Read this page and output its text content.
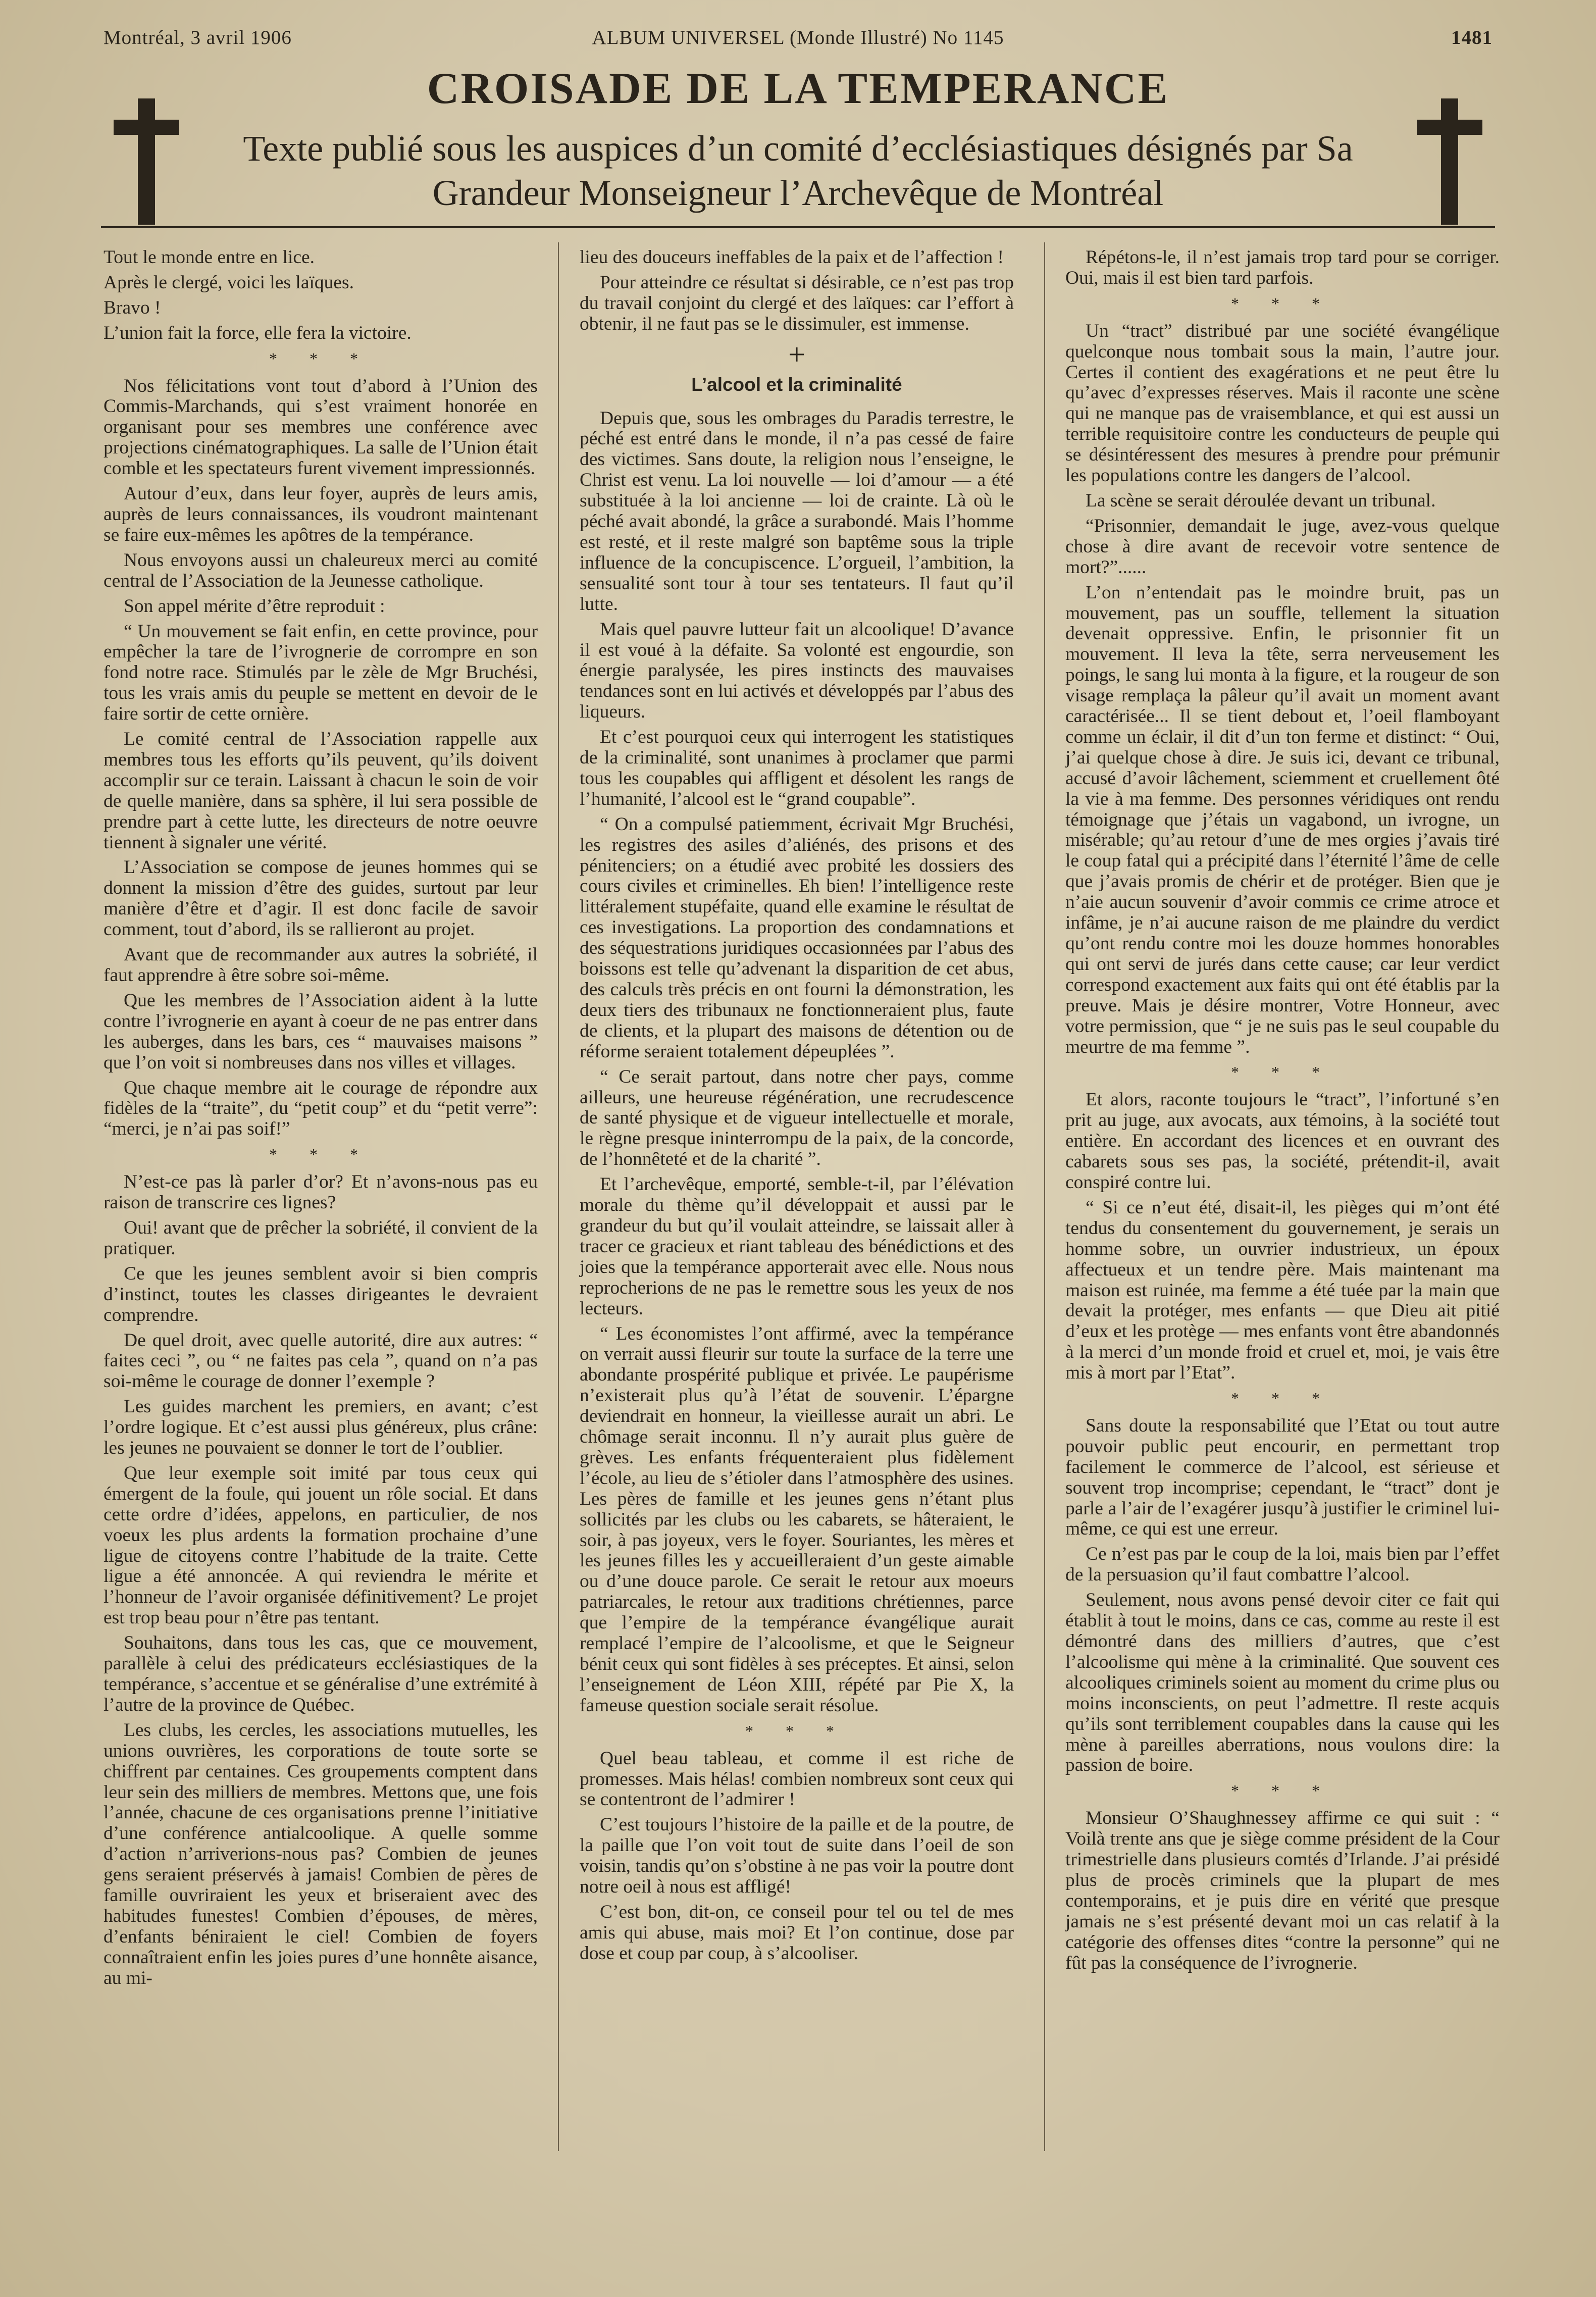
Montréal, 3 avril 1906	ALBUM UNIVERSEL (Monde Illustré) No 1145	1481
CROISADE DE LA TEMPERANCE
Texte publié sous les auspices d’un comité d’ecclésiastiques désignés par Sa Grandeur Monseigneur l’Archevêque de Montréal

Tout le monde entre en lice.

Après le clergé, voici les laïques.

Bravo !

L’union fait la force, elle fera la victoire.

* * *

Nos félicitations vont tout d’abord à l’Union des Commis-Marchands, qui s’est vraiment honorée en organisant pour ses membres une conférence avec projections cinématographiques. La salle de l’Union était comble et les spectateurs furent vivement impressionnés.

Autour d’eux, dans leur foyer, auprès de leurs amis, auprès de leurs connaissances, ils voudront maintenant se faire eux-mêmes les apôtres de la tempérance.

Nous envoyons aussi un chaleureux merci au comité central de l’Association de la Jeunesse catholique.

Son appel mérite d’être reproduit :

“ Un mouvement se fait enfin, en cette province, pour empêcher la tare de l’ivrognerie de corrompre en son fond notre race. Stimulés par le zèle de Mgr Bruchési, tous les vrais amis du peuple se mettent en devoir de le faire sortir de cette ornière.

Le comité central de l’Association rappelle aux membres tous les efforts qu’ils peuvent, qu’ils doivent accomplir sur ce terain. Laissant à chacun le soin de voir de quelle manière, dans sa sphère, il lui sera possible de prendre part à cette lutte, les directeurs de notre oeuvre tiennent à signaler une vérité.

L’Association se compose de jeunes hommes qui se donnent la mission d’être des guides, surtout par leur manière d’être et d’agir. Il est donc facile de savoir comment, tout d’abord, ils se rallieront au projet.

Avant que de recommander aux autres la sobriété, il faut apprendre à être sobre soi-même.

Que les membres de l’Association aident à la lutte contre l’ivrognerie en ayant à coeur de ne pas entrer dans les auberges, dans les bars, ces “ mauvaises maisons ” que l’on voit si nombreuses dans nos villes et villages.

Que chaque membre ait le courage de répondre aux fidèles de la “traite”, du “petit coup” et du “petit verre”: “merci, je n’ai pas soif!”

* * *

N’est-ce pas là parler d’or? Et n’avons-nous pas eu raison de transcrire ces lignes?

Oui! avant que de prêcher la sobriété, il convient de la pratiquer.

Ce que les jeunes semblent avoir si bien compris d’instinct, toutes les classes dirigeantes le devraient comprendre.

De quel droit, avec quelle autorité, dire aux autres: “ faites ceci ”, ou “ ne faites pas cela ”, quand on n’a pas soi-même le courage de donner l’exemple ?

Les guides marchent les premiers, en avant; c’est l’ordre logique. Et c’est aussi plus généreux, plus crâne: les jeunes ne pouvaient se donner le tort de l’oublier.

Que leur exemple soit imité par tous ceux qui émergent de la foule, qui jouent un rôle social. Et dans cette ordre d’idées, appelons, en particulier, de nos voeux les plus ardents la formation prochaine d’une ligue de citoyens contre l’habitude de la traite. Cette ligue a été annoncée. A qui reviendra le mérite et l’honneur de l’avoir organisée définitivement? Le projet est trop beau pour n’être pas tentant.

Souhaitons, dans tous les cas, que ce mouvement, parallèle à celui des prédicateurs ecclésiastiques de la tempérance, s’accentue et se généralise d’une extrémité à l’autre de la province de Québec.

Les clubs, les cercles, les associations mutuelles, les unions ouvrières, les corporations de toute sorte se chiffrent par centaines. Ces groupements comptent dans leur sein des milliers de membres. Mettons que, une fois l’année, chacune de ces organisations prenne l’initiative d’une conférence antialcoolique. A quelle somme d’action n’arriverions-nous pas? Combien de jeunes gens seraient préservés à jamais! Combien de pères de famille ouvriraient les yeux et briseraient avec des habitudes funestes! Combien d’épouses, de mères, d’enfants béniraient le ciel! Combien de foyers connaîtraient enfin les joies pures d’une honnête aisance, au mi-

lieu des douceurs ineffables de la paix et de l’affection !

Pour atteindre ce résultat si désirable, ce n’est pas trop du travail conjoint du clergé et des laïques: car l’effort à obtenir, il ne faut pas se le dissimuler, est immense.

+
L’alcool et la criminalité

Depuis que, sous les ombrages du Paradis terrestre, le péché est entré dans le monde, il n’a pas cessé de faire des victimes. Sans doute, la religion nous l’enseigne, le Christ est venu. La loi nouvelle — loi d’amour — a été substituée à la loi ancienne — loi de crainte. Là où le péché avait abondé, la grâce a surabondé. Mais l’homme est resté, et il reste malgré son baptême sous la triple influence de la concupiscence. L’orgueil, l’ambition, la sensualité sont tour à tour ses tentateurs. Il faut qu’il lutte.

Mais quel pauvre lutteur fait un alcoolique! D’avance il est voué à la défaite. Sa volonté est engourdie, son énergie paralysée, les pires instincts des mauvaises tendances sont en lui activés et développés par l’abus des liqueurs.

Et c’est pourquoi ceux qui interrogent les statistiques de la criminalité, sont unanimes à proclamer que parmi tous les coupables qui affligent et désolent les rangs de l’humanité, l’alcool est le “grand coupable”.

“ On a compulsé patiemment, écrivait Mgr Bruchési, les registres des asiles d’aliénés, des prisons et des pénitenciers; on a étudié avec probité les dossiers des cours civiles et criminelles. Eh bien! l’intelligence reste littéralement stupéfaite, quand elle examine le résultat de ces investigations. La proportion des condamnations et des séquestrations juridiques occasionnées par l’abus des boissons est telle qu’advenant la disparition de cet abus, des calculs très précis en ont fourni la démonstration, les deux tiers des tribunaux ne fonctionneraient plus, faute de clients, et la plupart des maisons de détention ou de réforme seraient totalement dépeuplées ”.

“ Ce serait partout, dans notre cher pays, comme ailleurs, une heureuse régénération, une recrudescence de santé physique et de vigueur intellectuelle et morale, le règne presque ininterrompu de la paix, de la concorde, de l’honnêteté et de la charité ”.

Et l’archevêque, emporté, semble-t-il, par l’élévation morale du thème qu’il développait et aussi par le grandeur du but qu’il voulait atteindre, se laissait aller à tracer ce gracieux et riant tableau des bénédictions et des joies que la tempérance apporterait avec elle. Nous nous reprocherions de ne pas le remettre sous les yeux de nos lecteurs.

“ Les économistes l’ont affirmé, avec la tempérance on verrait aussi fleurir sur toute la surface de la terre une abondante prospérité publique et privée. Le paupérisme n’existerait plus qu’à l’état de souvenir. L’épargne deviendrait en honneur, la vieillesse aurait un abri. Le chômage serait inconnu. Il n’y aurait plus guère de grèves. Les enfants fréquenteraient plus fidèlement l’école, au lieu de s’étioler dans l’atmosphère des usines. Les pères de famille et les jeunes gens n’étant plus sollicités par les clubs ou les cabarets, se hâteraient, le soir, à pas joyeux, vers le foyer. Souriantes, les mères et les jeunes filles les y accueilleraient d’un geste aimable ou d’une douce parole. Ce serait le retour aux moeurs patriarcales, le retour aux traditions chrétiennes, parce que l’empire de la tempérance évangélique aurait remplacé l’empire de l’alcoolisme, et que le Seigneur bénit ceux qui sont fidèles à ses préceptes. Et ainsi, selon l’enseignement de Léon XIII, répété par Pie X, la fameuse question sociale serait résolue.

* * *

Quel beau tableau, et comme il est riche de promesses. Mais hélas! combien nombreux sont ceux qui se contentront de l’admirer !

C’est toujours l’histoire de la paille et de la poutre, de la paille que l’on voit tout de suite dans l’oeil de son voisin, tandis qu’on s’obstine à ne pas voir la poutre dont notre oeil à nous est affligé!

C’est bon, dit-on, ce conseil pour tel ou tel de mes amis qui abuse, mais moi? Et l’on continue, dose par dose et coup par coup, à s’alcooliser.

Répétons-le, il n’est jamais trop tard pour se corriger. Oui, mais il est bien tard parfois.

* * *

Un “tract” distribué par une société évangélique quelconque nous tombait sous la main, l’autre jour. Certes il contient des exagérations et ne peut être lu qu’avec d’expresses réserves. Mais il raconte une scène qui ne manque pas de vraisemblance, et qui est aussi un terrible requisitoire contre les conducteurs de peuple qui se désintéressent des mesures à prendre pour prémunir les populations contre les dangers de l’alcool.

La scène se serait déroulée devant un tribunal.

“Prisonnier, demandait le juge, avez-vous quelque chose à dire avant de recevoir votre sentence de mort?”......

L’on n’entendait pas le moindre bruit, pas un mouvement, pas un souffle, tellement la situation devenait oppressive. Enfin, le prisonnier fit un mouvement. Il leva la tête, serra nerveusement les poings, le sang lui monta à la figure, et la rougeur de son visage remplaça la pâleur qu’il avait un moment avant caractérisée... Il se tient debout et, l’oeil flamboyant comme un éclair, il dit d’un ton ferme et distinct: “ Oui, j’ai quelque chose à dire. Je suis ici, devant ce tribunal, accusé d’avoir lâchement, sciemment et cruellement ôté la vie à ma femme. Des personnes véridiques ont rendu témoignage que j’étais un vagabond, un ivrogne, un misérable; qu’au retour d’une de mes orgies j’avais tiré le coup fatal qui a précipité dans l’éternité l’âme de celle que j’avais promis de chérir et de protéger. Bien que je n’aie aucun souvenir d’avoir commis ce crime atroce et infâme, je n’ai aucune raison de me plaindre du verdict qu’ont rendu contre moi les douze hommes honorables qui ont servi de jurés dans cette cause; car leur verdict correspond exactement aux faits qui ont été établis par la preuve. Mais je désire montrer, Votre Honneur, avec votre permission, que “ je ne suis pas le seul coupable du meurtre de ma femme ”.

* * *

Et alors, raconte toujours le “tract”, l’infortuné s’en prit au juge, aux avocats, aux témoins, à la société tout entière. En accordant des licences et en ouvrant des cabarets sous ses pas, la société, prétendit-il, avait conspiré contre lui.

“ Si ce n’eut été, disait-il, les pièges qui m’ont été tendus du consentement du gouvernement, je serais un homme sobre, un ouvrier industrieux, un époux affectueux et un tendre père. Mais maintenant ma maison est ruinée, ma femme a été tuée par la main que devait la protéger, mes enfants — que Dieu ait pitié d’eux et les protège — mes enfants vont être abandonnés à la merci d’un monde froid et cruel et, moi, je vais être mis à mort par l’Etat”.

* * *

Sans doute la responsabilité que l’Etat ou tout autre pouvoir public peut encourir, en permettant trop facilement le commerce de l’alcool, est sérieuse et souvent trop incomprise; cependant, le “tract” dont je parle a l’air de l’exagérer jusqu’à justifier le criminel lui-même, ce qui est une erreur.

Ce n’est pas par le coup de la loi, mais bien par l’effet de la persuasion qu’il faut combattre l’alcool.

Seulement, nous avons pensé devoir citer ce fait qui établit à tout le moins, dans ce cas, comme au reste il est démontré dans des milliers d’autres, que c’est l’alcoolisme qui mène à la criminalité. Que souvent ces alcooliques criminels soient au moment du crime plus ou moins inconscients, on peut l’admettre. Il reste acquis qu’ils sont terriblement coupables dans la cause qui les mène à pareilles aberrations, nous voulons dire: la passion de boire.

* * *

Monsieur O’Shaughnessey affirme ce qui suit : “ Voilà trente ans que je siège comme président de la Cour trimestrielle dans plusieurs comtés d’Irlande. J’ai présidé plus de procès criminels que la plupart de mes contemporains, et je puis dire en vérité que presque jamais ne s’est présenté devant moi un cas relatif à la catégorie des offenses dites “contre la personne” qui ne fût pas la conséquence de l’ivrognerie.
